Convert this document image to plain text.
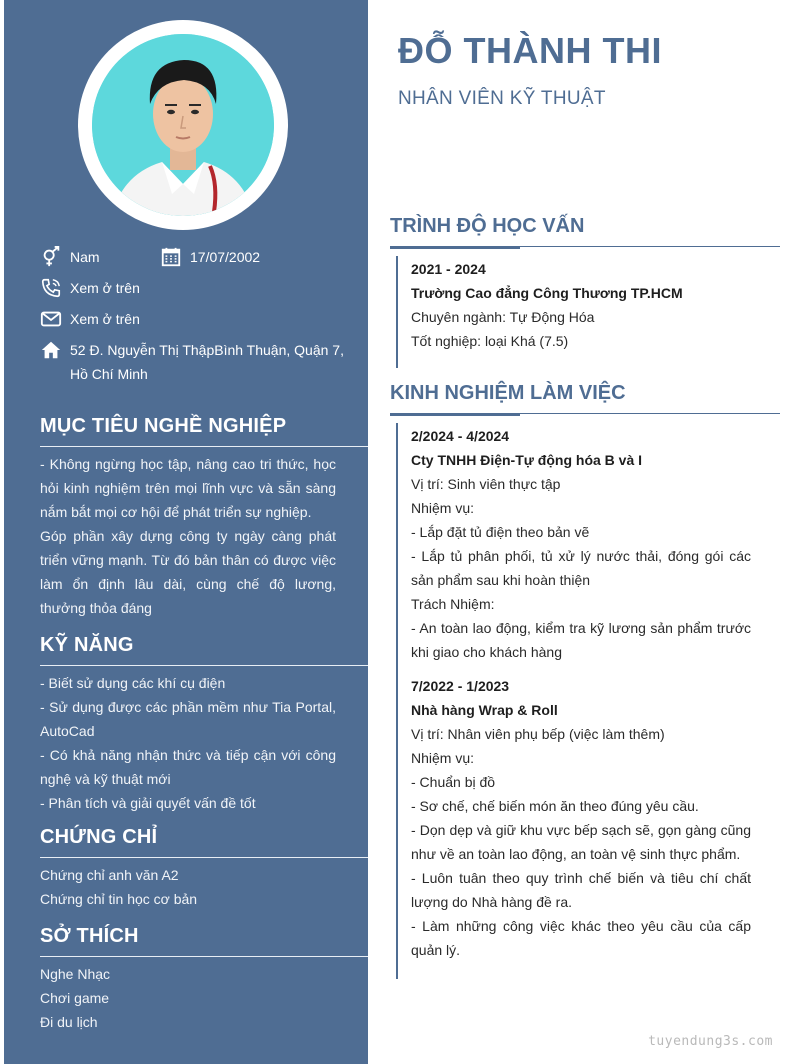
Nam	17/07/2002
Xem ở trên
Xem ở trên
52 Đ. Nguyễn Thị ThậpBình Thuận, Quận 7, Hồ Chí Minh
MỤC TIÊU NGHỀ NGHIỆP

- Không ngừng học tập, nâng cao tri thức, học hỏi kinh nghiệm trên mọi lĩnh vực và sẵn sàng nắm bắt mọi cơ hội để phát triển sự nghiệp.

Góp phần xây dựng công ty ngày càng phát triển vững mạnh. Từ đó bản thân có được việc làm ổn định lâu dài, cùng chế độ lương, thưởng thỏa đáng

KỸ NĂNG

- Biết sử dụng các khí cụ điện

- Sử dụng được các phần mềm như Tia Portal, AutoCad

- Có khả năng nhận thức và tiếp cận với công nghệ và kỹ thuật mới

- Phân tích và giải quyết vấn đề tốt

CHỨNG CHỈ

Chứng chỉ anh văn A2

Chứng chỉ tin học cơ bản

SỞ THÍCH

Nghe Nhạc

Chơi game

Đi du lịch

ĐỖ THÀNH THI
NHÂN VIÊN KỸ THUẬT
TRÌNH ĐỘ HỌC VẤN

2021 - 2024

Trường Cao đẳng Công Thương TP.HCM

Chuyên ngành: Tự Động Hóa

Tốt nghiệp: loại Khá (7.5)

KINH NGHIỆM LÀM VIỆC

2/2024 - 4/2024

Cty TNHH Điện-Tự động hóa B và I

Vị trí: Sinh viên thực tập

Nhiệm vụ:

- Lắp đặt tủ điện theo bản vẽ

- Lắp tủ phân phối, tủ xử lý nước thải, đóng gói các sản phẩm sau khi hoàn thiện

Trách Nhiệm:

- An toàn lao động, kiểm tra kỹ lương sản phẩm trước khi giao cho khách hàng

7/2022 - 1/2023

Nhà hàng Wrap & Roll

Vị trí: Nhân viên phụ bếp (việc làm thêm)

Nhiệm vụ:

- Chuẩn bị đồ

- Sơ chế, chế biến món ăn theo đúng yêu cầu.

- Dọn dẹp và giữ khu vực bếp sạch sẽ, gọn gàng cũng như về an toàn lao động, an toàn vệ sinh thực phẩm.

- Luôn tuân theo quy trình chế biến và tiêu chí chất lượng do Nhà hàng đề ra.

- Làm những công việc khác theo yêu cầu của cấp quản lý.

tuyendung3s.com
